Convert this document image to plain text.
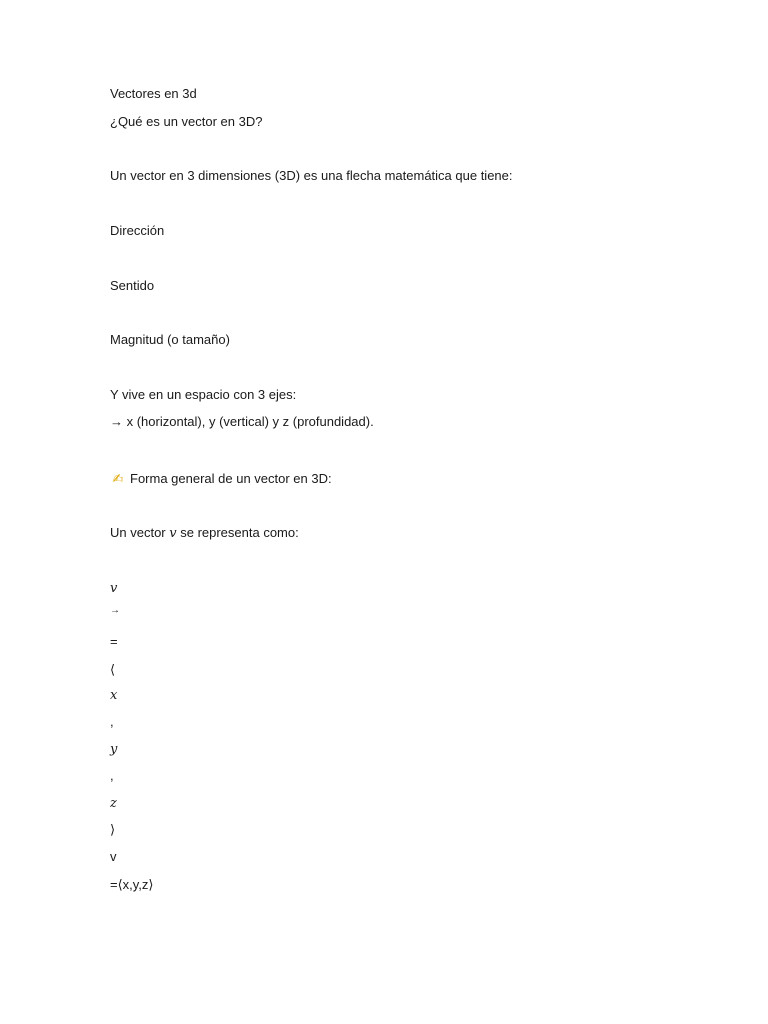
Vectores en 3d
¿Qué es un vector en 3D?
Un vector en 3 dimensiones (3D) es una flecha matemática que tiene:
Dirección
Sentido
Magnitud (o tamaño)
Y vive en un espacio con 3 ejes:
→ x (horizontal), y (vertical) y z (profundidad).
✍ Forma general de un vector en 3D:
Un vector v se representa como:
v
→
=
⟨
x
,
y
,
z
⟩
v
=⟨x,y,z⟩
